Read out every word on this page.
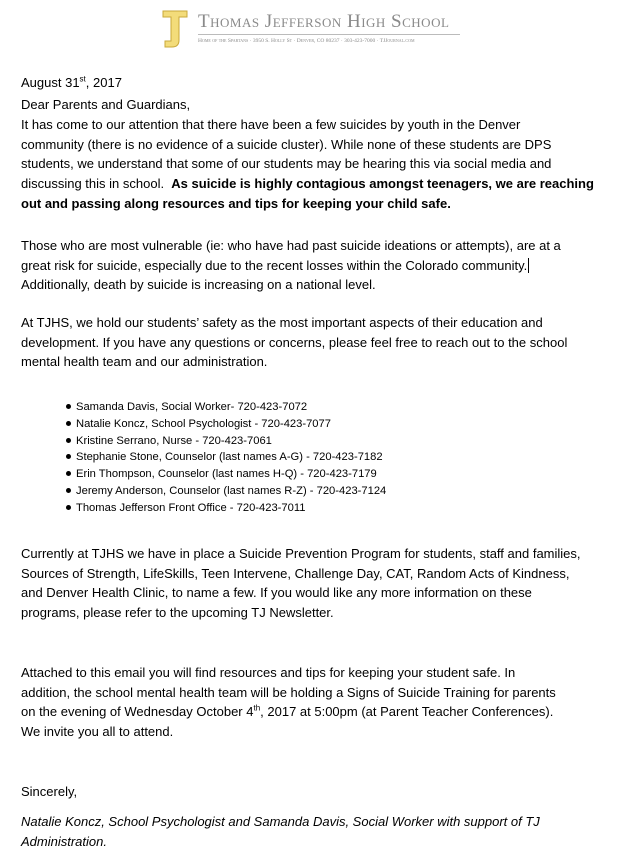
Thomas Jefferson High School
Home of the Spartans · 3950 S. Holly St · Denver, CO 80237 · 303-423-7000 · TJJournal.com
August 31st, 2017
Dear Parents and Guardians,
It has come to our attention that there have been a few suicides by youth in the Denver
community (there is no evidence of a suicide cluster). While none of these students are DPS
students, we understand that some of our students may be hearing this via social media and
discussing this in school.  As suicide is highly contagious amongst teenagers, we are reaching
out and passing along resources and tips for keeping your child safe.
Those who are most vulnerable (ie: who have had past suicide ideations or attempts), are at a
great risk for suicide, especially due to the recent losses within the Colorado community.
Additionally, death by suicide is increasing on a national level.
At TJHS, we hold our students’ safety as the most important aspects of their education and
development. If you have any questions or concerns, please feel free to reach out to the school
mental health team and our administration.
Samanda Davis, Social Worker- 720-423-7072
Natalie Koncz, School Psychologist - 720-423-7077
Kristine Serrano, Nurse - 720-423-7061
Stephanie Stone, Counselor (last names A-G) - 720-423-7182
Erin Thompson, Counselor (last names H-Q) - 720-423-7179
Jeremy Anderson, Counselor (last names R-Z) - 720-423-7124
Thomas Jefferson Front Office - 720-423-7011
Currently at TJHS we have in place a Suicide Prevention Program for students, staff and families,
Sources of Strength, LifeSkills, Teen Intervene, Challenge Day, CAT, Random Acts of Kindness,
and Denver Health Clinic, to name a few. If you would like any more information on these
programs, please refer to the upcoming TJ Newsletter.
Attached to this email you will find resources and tips for keeping your student safe. In
addition, the school mental health team will be holding a Signs of Suicide Training for parents
on the evening of Wednesday October 4th, 2017 at 5:00pm (at Parent Teacher Conferences).
We invite you all to attend.
Sincerely,
Natalie Koncz, School Psychologist and Samanda Davis, Social Worker with support of TJ
Administration.
